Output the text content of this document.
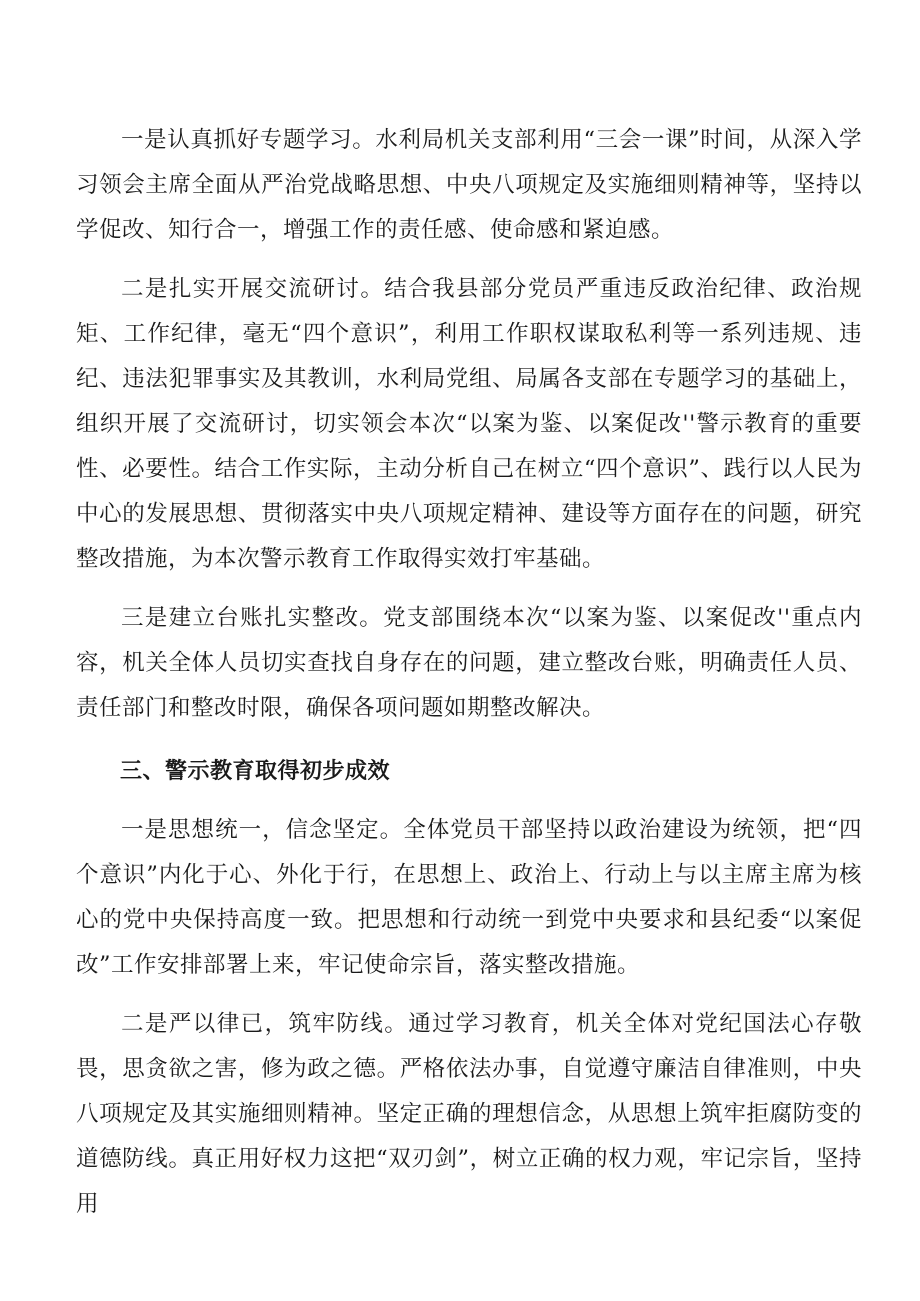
一是认真抓好专题学习。水利局机关支部利用“三会一课”时间，从深入学习领会主席全面从严治党战略思想、中央八项规定及实施细则精神等，坚持以学促改、知行合一，增强工作的责任感、使命感和紧迫感。

二是扎实开展交流研讨。结合我县部分党员严重违反政治纪律、政治规矩、工作纪律，毫无“四个意识”，利用工作职权谋取私利等一系列违规、违纪、违法犯罪事实及其教训，水利局党组、局属各支部在专题学习的基础上，组织开展了交流研讨，切实领会本次“以案为鉴、以案促改''警示教育的重要性、必要性。结合工作实际，主动分析自己在树立“四个意识”、践行以人民为中心的发展思想、贯彻落实中央八项规定精神、建设等方面存在的问题，研究整改措施，为本次警示教育工作取得实效打牢基础。

三是建立台账扎实整改。党支部围绕本次“以案为鉴、以案促改''重点内容，机关全体人员切实查找自身存在的问题，建立整改台账，明确责任人员、责任部门和整改时限，确保各项问题如期整改解决。

三、警示教育取得初步成效

一是思想统一，信念坚定。全体党员干部坚持以政治建设为统领，把“四个意识”内化于心、外化于行，在思想上、政治上、行动上与以主席主席为核心的党中央保持高度一致。把思想和行动统一到党中央要求和县纪委“以案促改”工作安排部署上来，牢记使命宗旨，落实整改措施。

二是严以律已，筑牢防线。通过学习教育，机关全体对党纪国法心存敬畏，思贪欲之害，修为政之德。严格依法办事，自觉遵守廉洁自律准则，中央八项规定及其实施细则精神。坚定正确的理想信念，从思想上筑牢拒腐防变的道德防线。真正用好权力这把“双刃剑”，树立正确的权力观，牢记宗旨，坚持用
